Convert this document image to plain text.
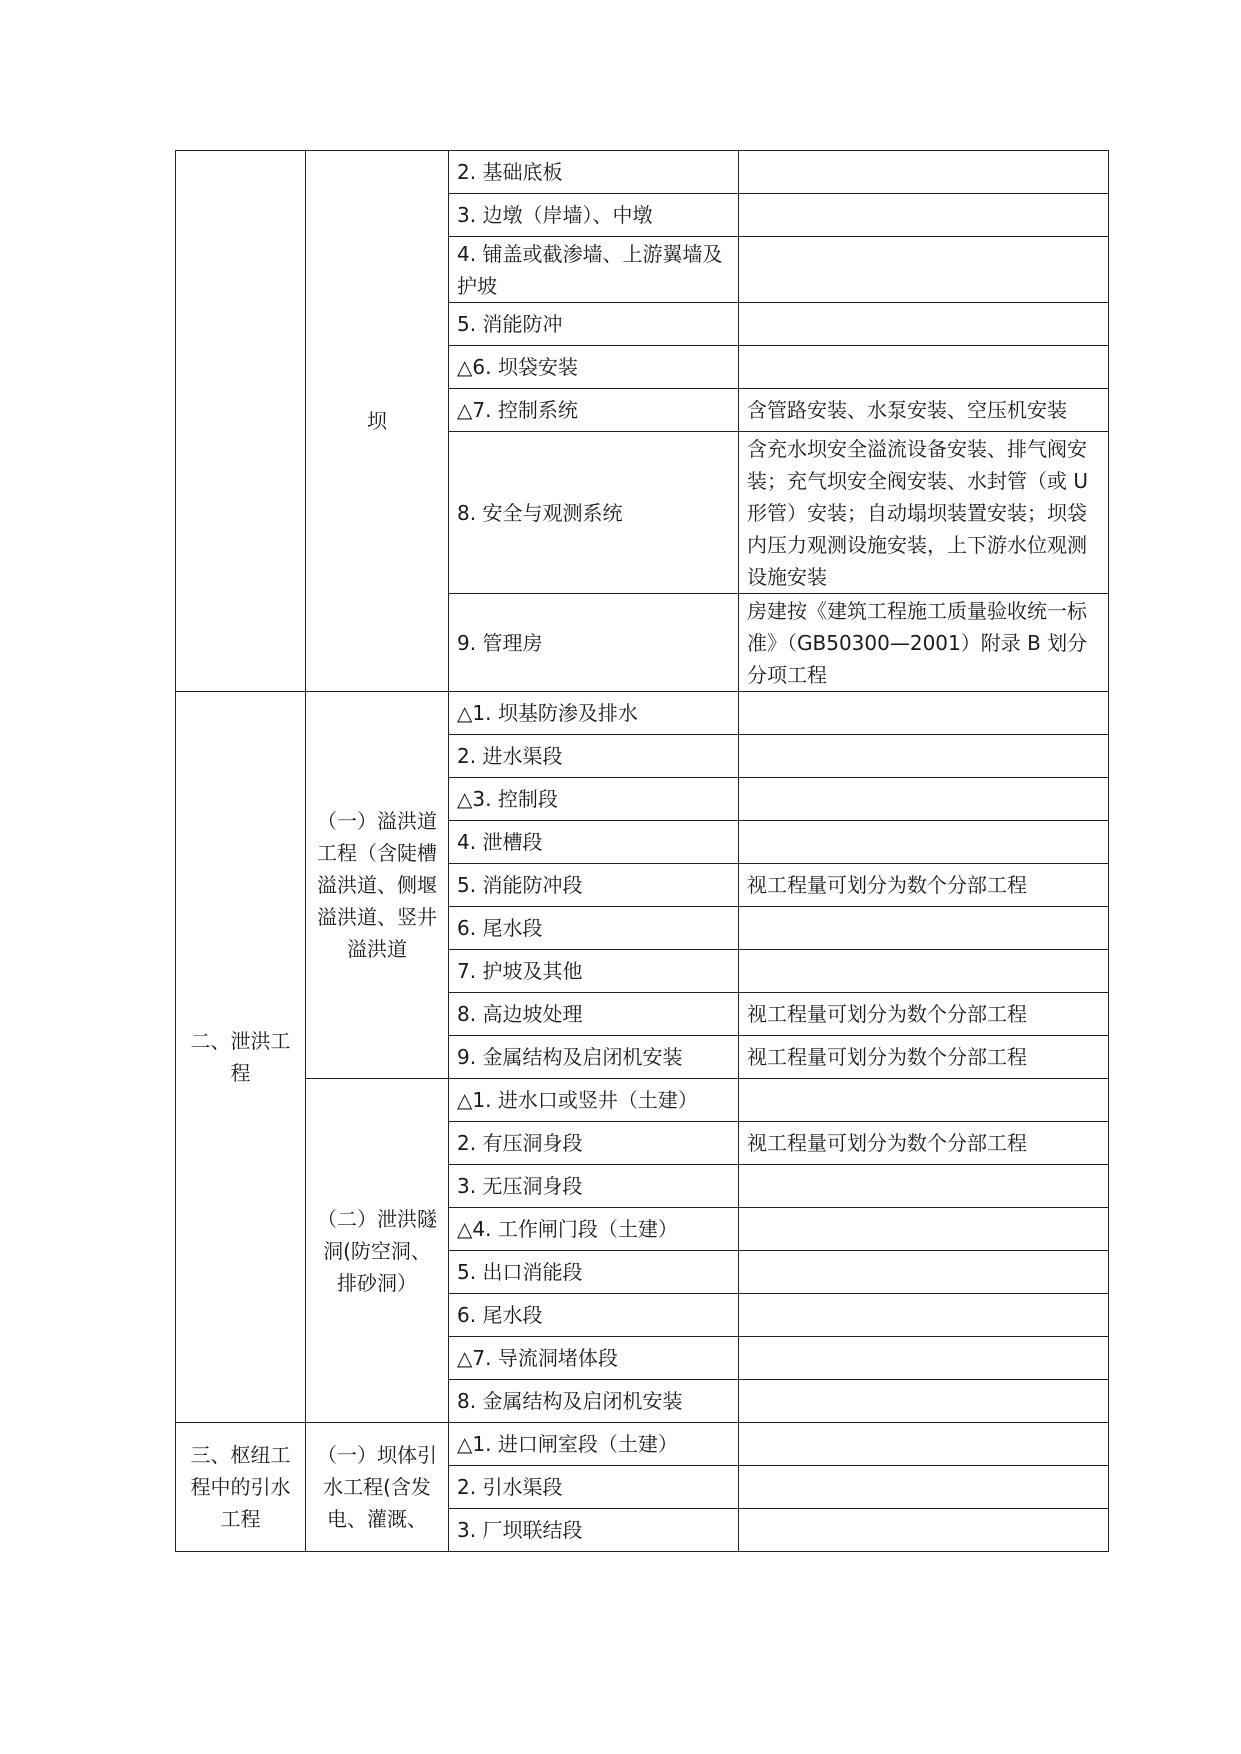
	坝	2. 基础底板	
		3. 边墩（岸墙）、中墩	
		4. 铺盖或截渗墙、上游翼墙及护坡	
		5. 消能防冲	
		△6. 坝袋安装	
		△7. 控制系统	含管路安装、水泵安装、空压机安装
		8. 安全与观测系统	含充水坝安全溢流设备安装、排气阀安装；充气坝安全阀安装、水封管（或 U 形管）安装；自动塌坝装置安装；坝袋内压力观测设施安装，上下游水位观测设施安装
		9. 管理房	房建按《建筑工程施工质量验收统一标准》（GB50300—2001）附录 B 划分分项工程
二、泄洪工程	（一）溢洪道工程（含陡槽溢洪道、侧堰溢洪道、竖井溢洪道	△1. 坝基防渗及排水	
		2. 进水渠段	
		△3. 控制段	
		4. 泄槽段	
		5. 消能防冲段	视工程量可划分为数个分部工程
		6. 尾水段	
		7. 护坡及其他	
		8. 高边坡处理	视工程量可划分为数个分部工程
		9. 金属结构及启闭机安装	视工程量可划分为数个分部工程
	（二）泄洪隧洞(防空洞、排砂洞）	△1. 进水口或竖井（土建）	
		2. 有压洞身段	视工程量可划分为数个分部工程
		3. 无压洞身段	
		△4. 工作闸门段（土建）	
		5. 出口消能段	
		6. 尾水段	
		△7. 导流洞堵体段	
		8. 金属结构及启闭机安装	
三、枢纽工程中的引水工程	（一）坝体引水工程(含发电、灌溉、	△1. 进口闸室段（土建）	
		2. 引水渠段	
		3. 厂坝联结段	
